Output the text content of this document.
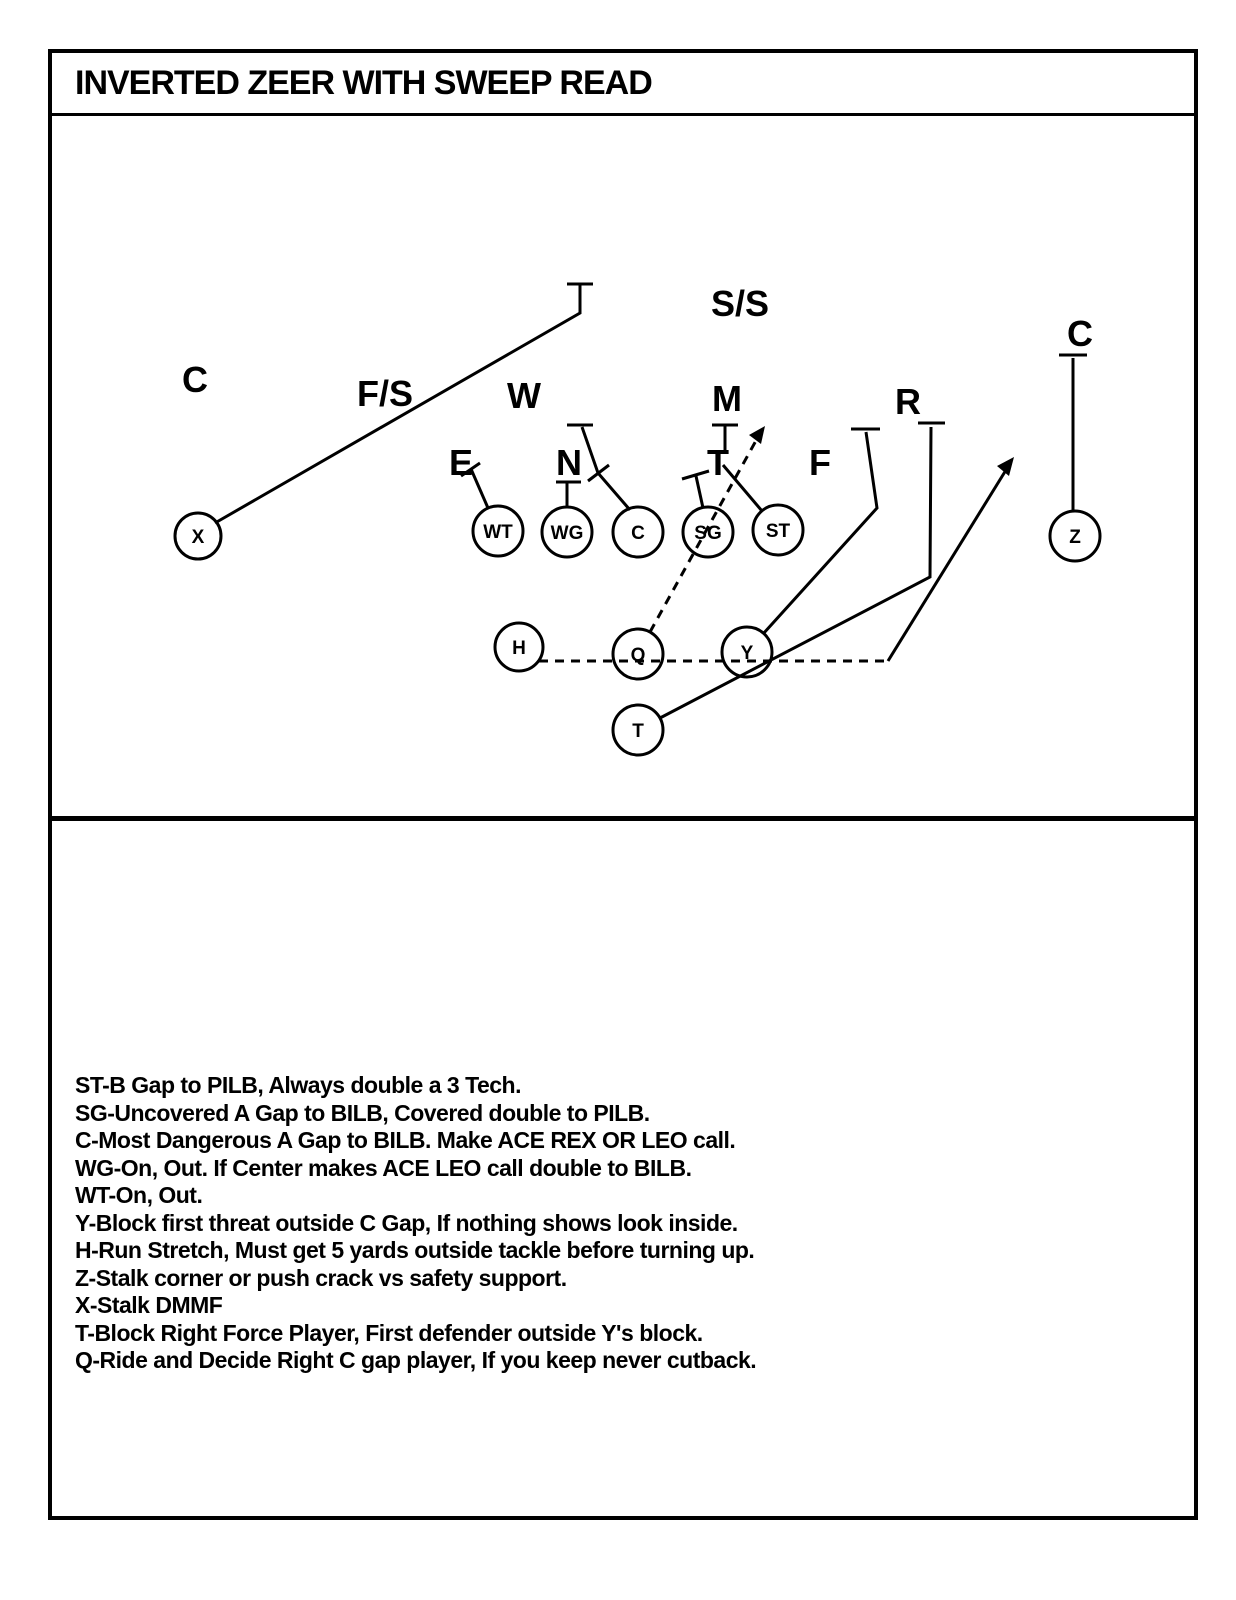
INVERTED ZEER WITH SWEEP READ
X	WT WG	C	SG ST	Z
H	Q	Y
T
C	F/S	W
E N
S/S
M
T F
R
C

ST-B Gap to PILB, Always double a 3 Tech.

SG-Uncovered A Gap to BILB, Covered double to PILB.

C-Most Dangerous A Gap to BILB. Make ACE REX OR LEO call.

WG-On, Out. If Center makes ACE LEO call double to BILB.

WT-On, Out.

Y-Block first threat outside C Gap, If nothing shows look inside.

H-Run Stretch, Must get 5 yards outside tackle before turning up.

Z-Stalk corner or push crack vs safety support.

X-Stalk DMMF

T-Block Right Force Player, First defender outside Y's block.

Q-Ride and Decide Right C gap player, If you keep never cutback.
